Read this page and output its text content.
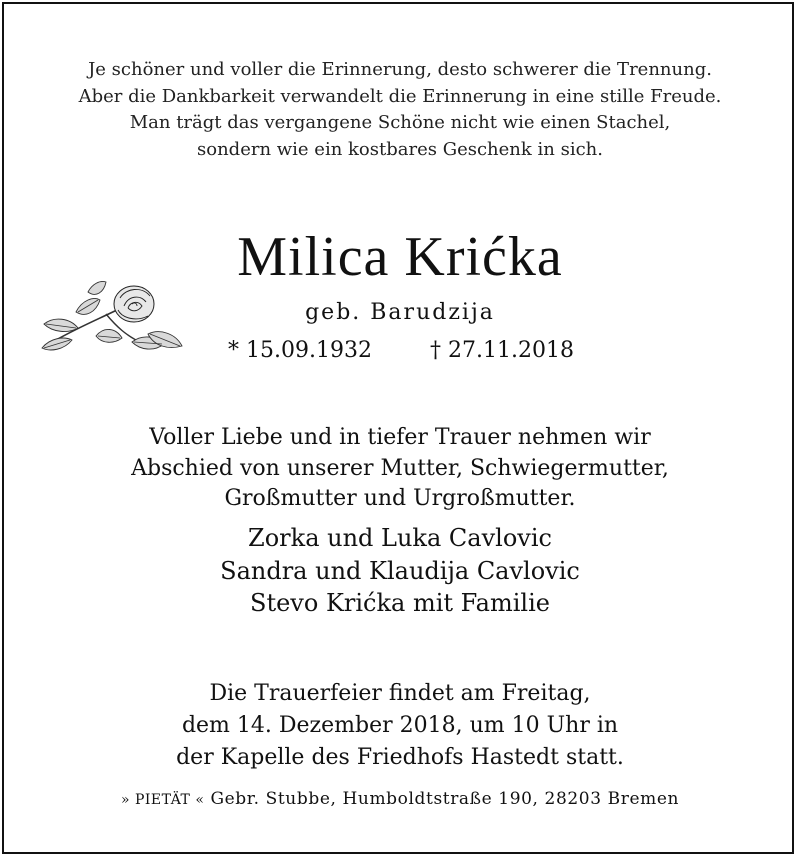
Je schöner und voller die Erinnerung, desto schwerer die Trennung.
Aber die Dankbarkeit verwandelt die Erinnerung in eine stille Freude.
Man trägt das vergangene Schöne nicht wie einen Stachel,
sondern wie ein kostbares Geschenk in sich.
Milica Krićka
geb. Barudzija
* 15.09.1932	† 27.11.2018
Voller Liebe und in tiefer Trauer nehmen wir
Abschied von unserer Mutter, Schwiegermutter,
Großmutter und Urgroßmutter.
Zorka und Luka Cavlovic
Sandra und Klaudija Cavlovic
Stevo Krićka mit Familie
Die Trauerfeier findet am Freitag,
dem 14. Dezember 2018, um 10 Uhr in
der Kapelle des Friedhofs Hastedt statt.
» PIETÄT « Gebr. Stubbe, Humboldtstraße 190, 28203 Bremen
